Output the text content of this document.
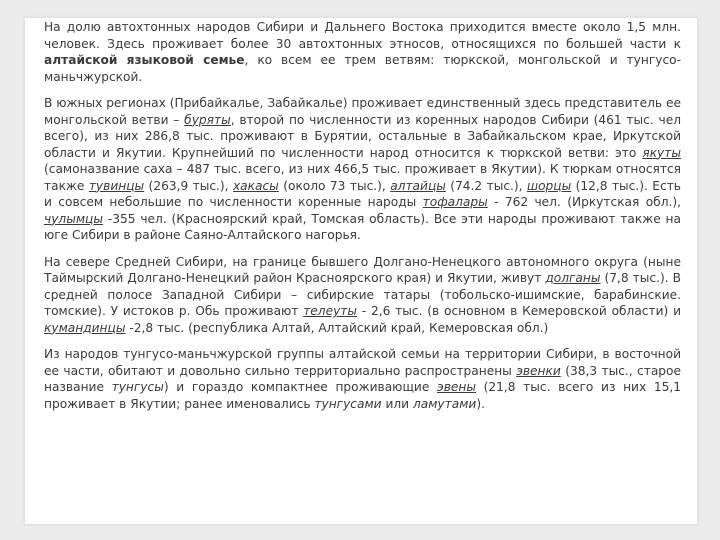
На долю автохтонных народов Сибири и Дальнего Востока приходится вместе около 1,5 млн. человек. Здесь проживает более 30 автохтонных этносов, относящихся по большей части к алтайской языковой семье, ко всем ее трем ветвям: тюркской, монгольской и тунгусо-маньчжурской.

В южных регионах (Прибайкалье, Забайкалье) проживает единственный здесь представитель ее монгольской ветви – буряты, второй по численности из коренных народов Сибири (461 тыс. чел всего), из них 286,8 тыс. проживают в Бурятии, остальные в Забайкальском крае, Иркутской области и Якутии. Крупнейший по численности народ относится к тюркской ветви: это якуты (самоназвание саха – 487 тыс. всего, из них 466,5 тыс. проживает в Якутии). К тюркам относятся также тувинцы (263,9 тыс.), хакасы (около 73 тыс.), алтайцы (74.2 тыс.), шорцы (12,8 тыс.). Есть и совсем небольшие по численности коренные народы тофалары - 762 чел. (Иркутская обл.), чулымцы -355 чел. (Красноярский край, Томская область). Все эти народы проживают также на юге Сибири в районе Саяно-Алтайского нагорья.

На севере Средней Сибири, на границе бывшего Долгано-Ненецкого автономного округа (ныне Таймырский Долгано-Ненецкий район Красноярского края) и Якутии, живут долганы (7,8 тыс.). В средней полосе Западной Сибири – сибирские татары (тобольско-ишимские, барабинские. томские). У истоков р. Обь проживают телеуты - 2,6 тыс. (в основном в Кемеровской области) и кумандинцы -2,8 тыс. (республика Алтай, Алтайский край, Кемеровская обл.)

Из народов тунгусо-маньчжурской группы алтайской семьи на территории Сибири, в восточной ее части, обитают и довольно сильно территориально распространены эвенки (38,3 тыс., старое название тунгусы) и гораздо компактнее проживающие эвены (21,8 тыс. всего из них 15,1 проживает в Якутии; ранее именовались тунгусами или ламутами).
